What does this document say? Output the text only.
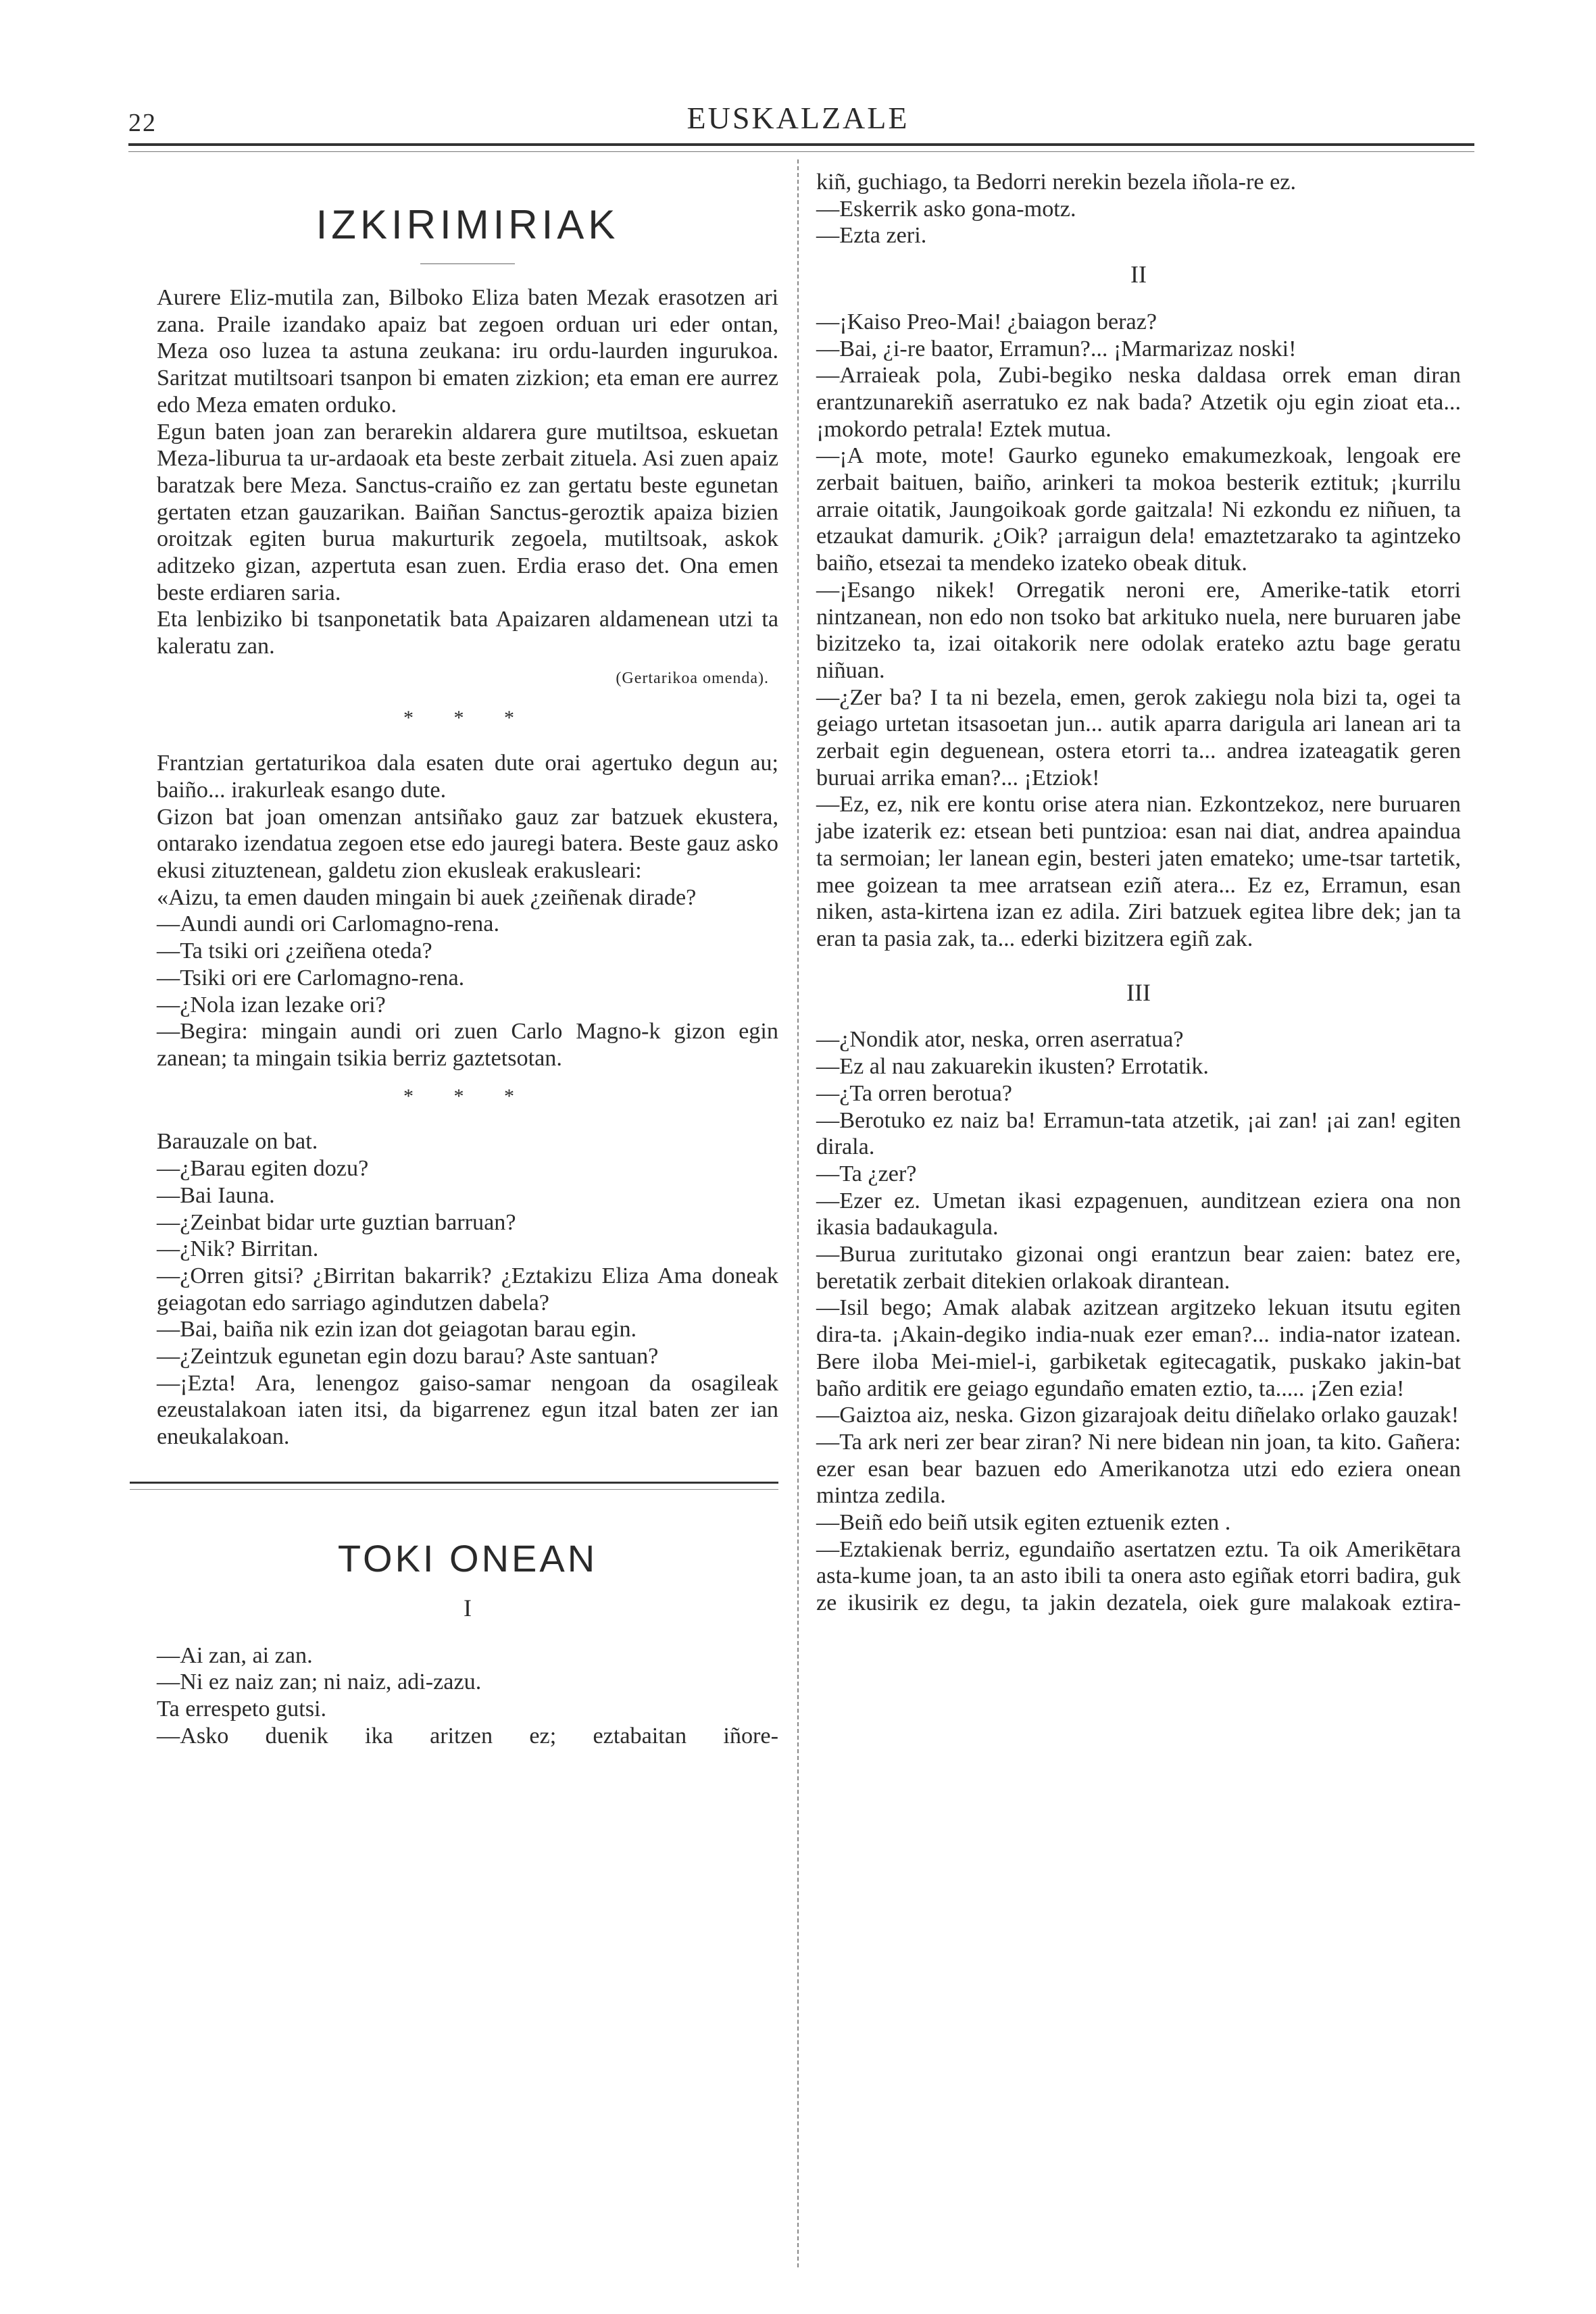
22	EUSKALZALE
IZKIRIMIRIAK

Aurere Eliz-mutila zan, Bilboko Eliza baten Mezak erasotzen ari zana. Praile izandako apaiz bat zegoen orduan uri eder ontan, Meza oso luzea ta astuna zeukana: iru ordu-laurden ingurukoa. Saritzat mutiltsoari tsanpon bi ematen zizkion; eta eman ere aurrez edo Meza ematen orduko.

Egun baten joan zan berarekin aldarera gure mutiltsoa, eskuetan Meza-liburua ta ur-ardaoak eta beste zerbait zituela. Asi zuen apaiz baratzak bere Meza. Sanctus-craiño ez zan gertatu beste egunetan gertaten etzan gauzarikan. Baiñan Sanctus-geroztik apaiza bizien oroitzak egiten burua makurturik zegoela, mutiltsoak, askok aditzeko gizan, azpertuta esan zuen. Erdia eraso det. Ona emen beste erdiaren saria.

Eta lenbiziko bi tsanponetatik bata Apaizaren aldamenean utzi ta kaleratu zan.

(Gertarikoa omenda).
* * *

Frantzian gertaturikoa dala esaten dute orai agertuko degun au; baiño... irakurleak esango dute.

Gizon bat joan omenzan antsiñako gauz zar batzuek ekustera, ontarako izendatua zegoen etse edo jauregi batera. Beste gauz asko ekusi zituztenean, galdetu zion ekusleak erakusleari:

«Aizu, ta emen dauden mingain bi auek ¿zeiñenak dirade?

—Aundi aundi ori Carlomagno-rena.

—Ta tsiki ori ¿zeiñena oteda?

—Tsiki ori ere Carlomagno-rena.

—¿Nola izan lezake ori?

—Begira: mingain aundi ori zuen Carlo Magno-k gizon egin zanean; ta mingain tsikia berriz gaztetsotan.

* * *

Barauzale on bat.

—¿Barau egiten dozu?

—Bai Iauna.

—¿Zeinbat bidar urte guztian barruan?

—¿Nik? Birritan.

—¿Orren gitsi? ¿Birritan bakarrik? ¿Eztakizu Eliza Ama doneak geiagotan edo sarriago agindutzen dabela?

—Bai, baiña nik ezin izan dot geiagotan barau egin.

—¿Zeintzuk egunetan egin dozu barau? Aste santuan?

—¡Ezta! Ara, lenengoz gaiso-samar nengoan da osagileak ezeustalakoan iaten itsi, da bigarrenez egun itzal baten zer ian eneukalakoan.

TOKI ONEAN
I

—Ai zan, ai zan.

—Ni ez naiz zan; ni naiz, adi-zazu.

Ta errespeto gutsi.

—Asko duenik ika aritzen ez; eztabaitan iñore-

kiñ, guchiago, ta Bedorri nerekin bezela iñola-re ez.

—Eskerrik asko gona-motz.

—Ezta zeri.

II

—¡Kaiso Preo-Mai! ¿baiagon beraz?

—Bai, ¿i-re baator, Erramun?... ¡Marmarizaz noski!

—Arraieak pola, Zubi-begiko neska daldasa orrek eman diran erantzunarekiñ aserratuko ez nak bada? Atzetik oju egin zioat eta... ¡mokordo petrala! Eztek mutua.

—¡A mote, mote! Gaurko eguneko emakumezkoak, lengoak ere zerbait baituen, baiño, arinkeri ta mokoa besterik eztituk; ¡kurrilu arraie oitatik, Jaungoikoak gorde gaitzala! Ni ezkondu ez niñuen, ta etzaukat damurik. ¿Oik? ¡arraigun dela! emaztetzarako ta agintzeko baiño, etsezai ta mendeko izateko obeak dituk.

—¡Esango nikek! Orregatik neroni ere, Amerike-tatik etorri nintzanean, non edo non tsoko bat arkituko nuela, nere buruaren jabe bizitzeko ta, izai oitakorik nere odolak erateko aztu bage geratu niñuan.

—¿Zer ba? I ta ni bezela, emen, gerok zakiegu nola bizi ta, ogei ta geiago urtetan itsasoetan jun... autik aparra darigula ari lanean ari ta zerbait egin deguenean, ostera etorri ta... andrea izateagatik geren buruai arrika eman?... ¡Etziok!

—Ez, ez, nik ere kontu orise atera nian. Ezkontzekoz, nere buruaren jabe izaterik ez: etsean beti puntzioa: esan nai diat, andrea apaindua ta sermoian; ler lanean egin, besteri jaten emateko; ume-tsar tartetik, mee goizean ta mee arratsean eziñ atera... Ez ez, Erramun, esan niken, asta-kirtena izan ez adila. Ziri batzuek egitea libre dek; jan ta eran ta pasia zak, ta... ederki bizitzera egiñ zak.

III

—¿Nondik ator, neska, orren aserratua?

—Ez al nau zakuarekin ikusten? Errotatik.

—¿Ta orren berotua?

—Berotuko ez naiz ba! Erramun-tata atzetik, ¡ai zan! ¡ai zan! egiten dirala.

—Ta ¿zer?

—Ezer ez. Umetan ikasi ezpagenuen, aunditzean eziera ona non ikasia badaukagula.

—Burua zuritutako gizonai ongi erantzun bear zaien: batez ere, beretatik zerbait ditekien orlakoak dirantean.

—Isil bego; Amak alabak azitzean argitzeko lekuan itsutu egiten dira-ta. ¡Akain-degiko india-nuak ezer eman?... india-nator izatean. Bere iloba Mei-miel-i, garbiketak egitecagatik, puskako jakin-bat baño arditik ere geiago egundaño ematen eztio, ta..... ¡Zen ezia!

—Gaiztoa aiz, neska. Gizon gizarajoak deitu diñelako orlako gauzak!

—Ta ark neri zer bear ziran? Ni nere bidean nin joan, ta kito. Gañera: ezer esan bear bazuen edo Amerikanotza utzi edo eziera onean mintza zedila.

—Beiñ edo beiñ utsik egiten eztuenik ezten .

—Eztakienak berriz, egundaiño asertatzen eztu. Ta oik Amerikētara asta-kume joan, ta an asto ibili ta onera asto egiñak etorri badira, guk ze ikusirik ez degu, ta jakin dezatela, oiek gure malakoak eztira-
